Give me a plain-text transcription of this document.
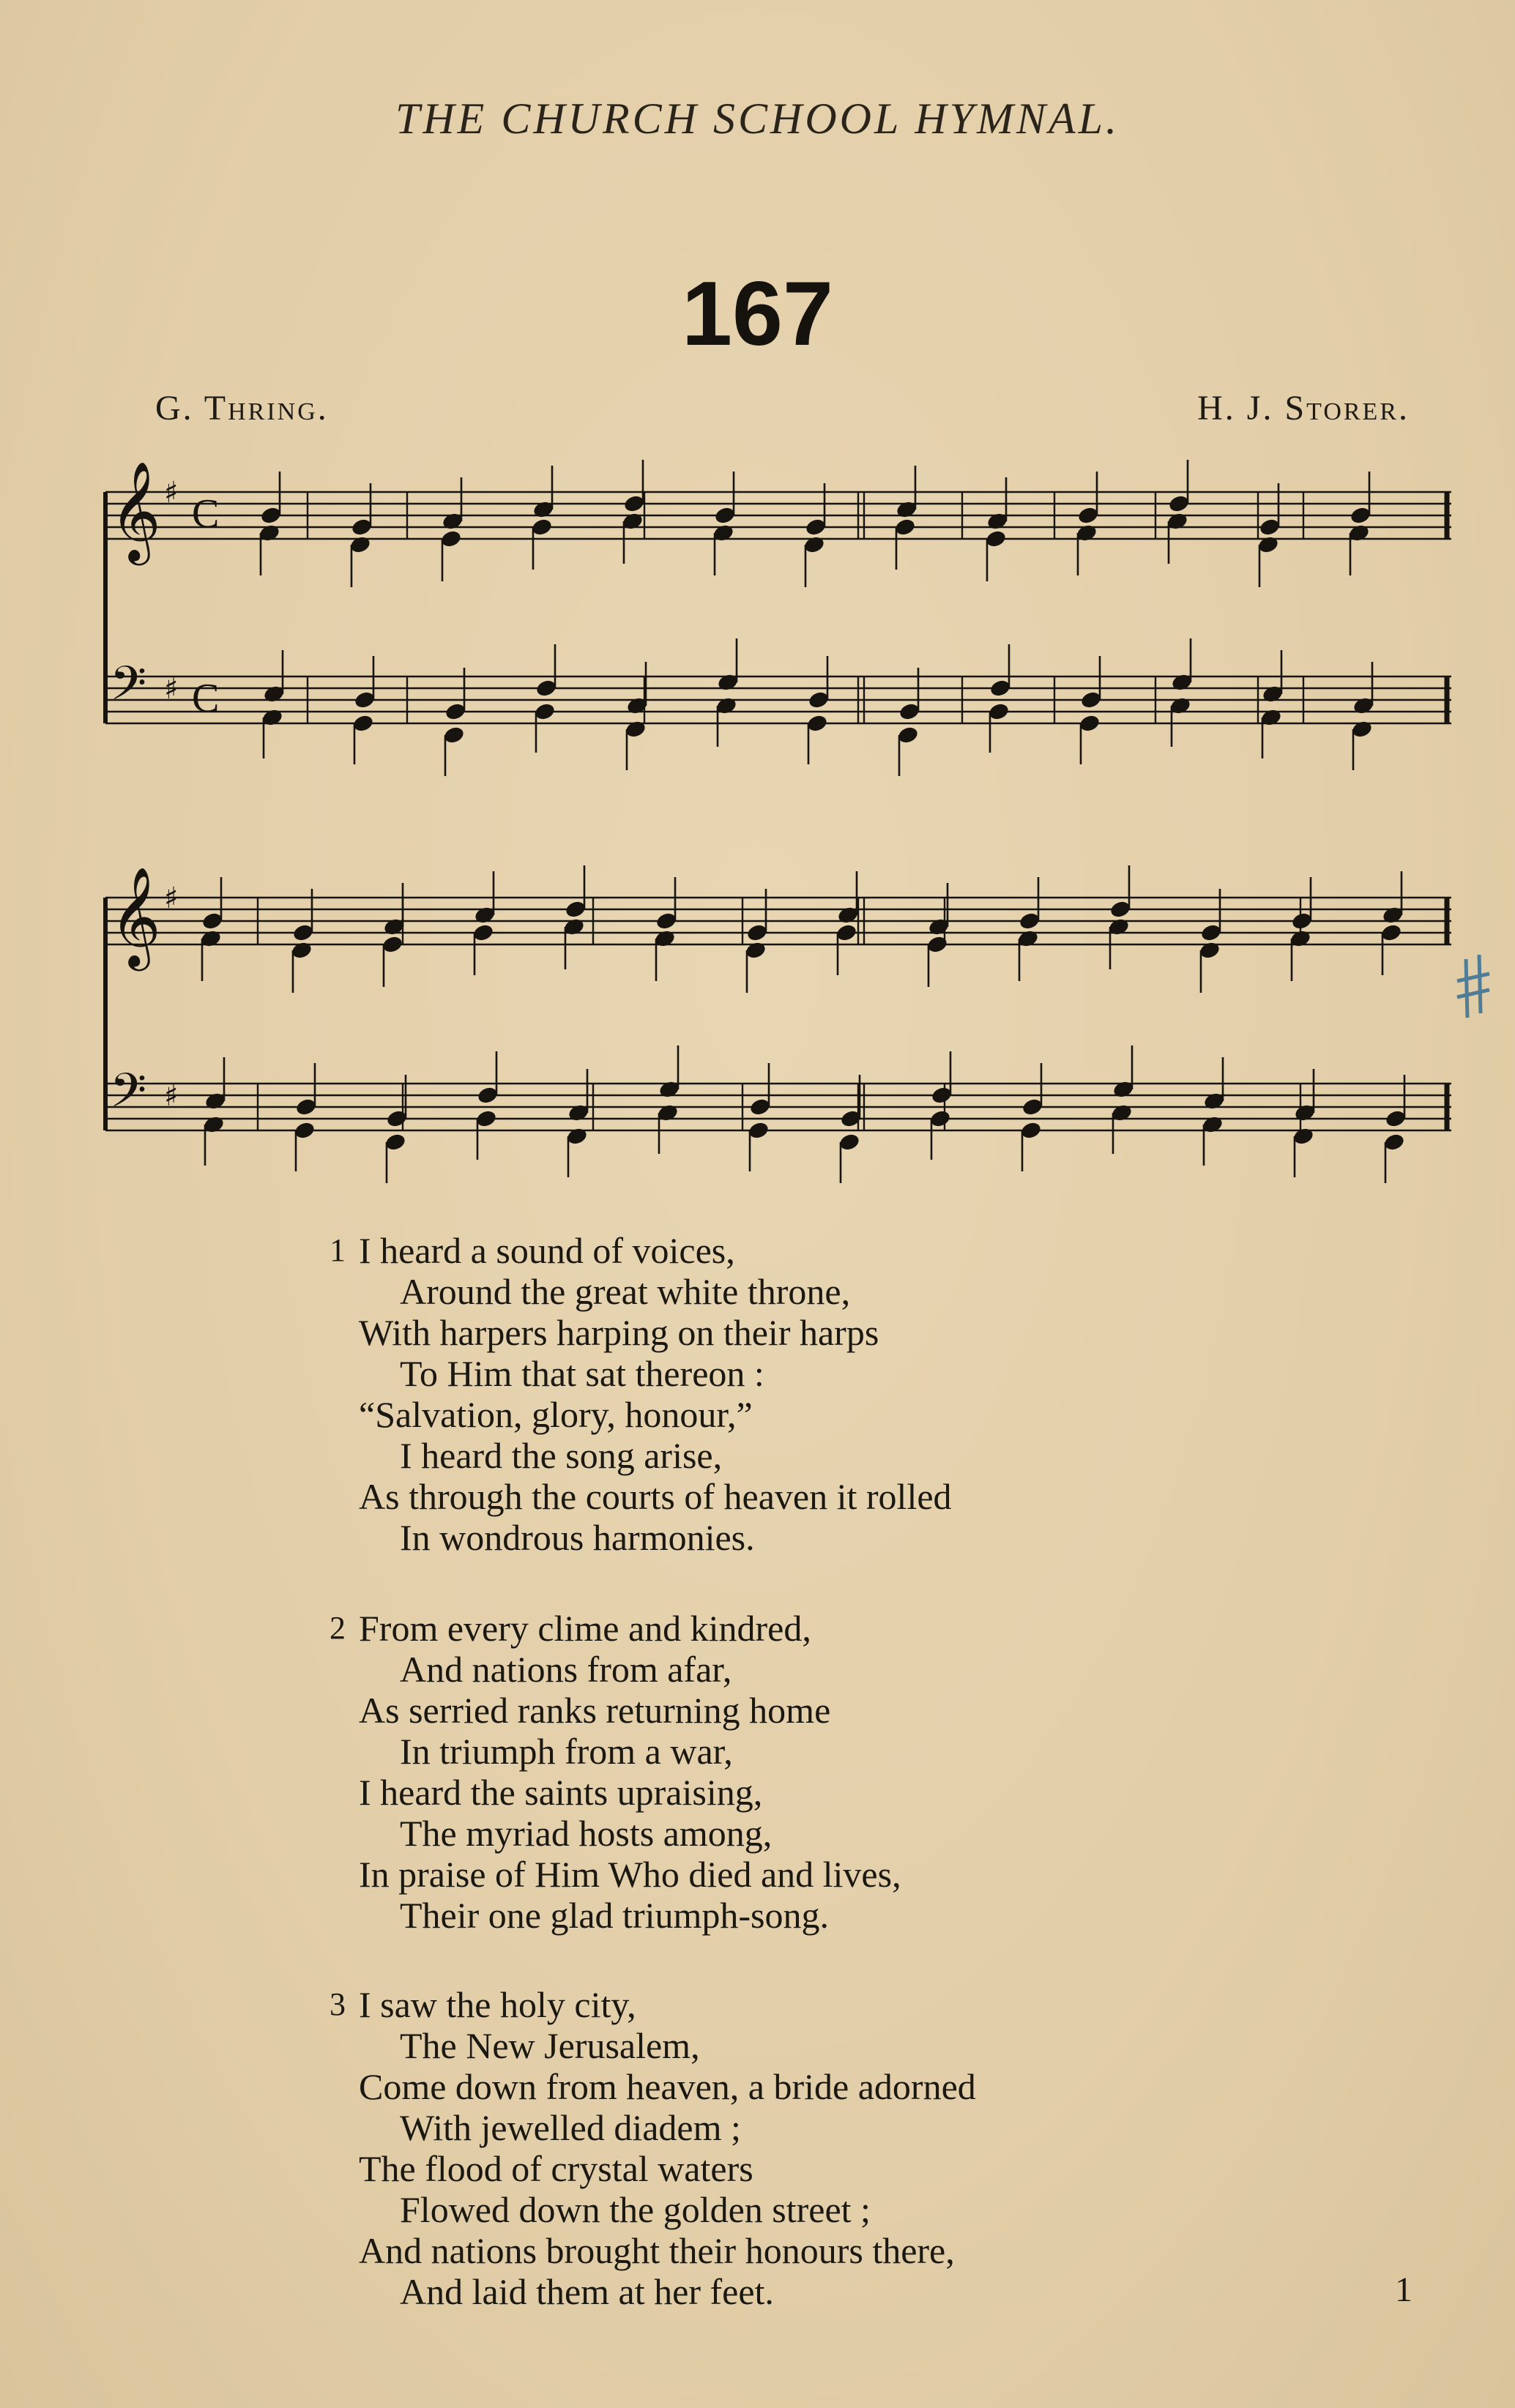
THE CHURCH SCHOOL HYMNAL.
167
G. Thring.	H. J. Storer.
𝄞 ♯ C
𝄢 ♯ C
𝄞 ♯
𝄢 ♯
1 I heard a sound of voices,
Around the great white throne,
With harpers harping on their harps
To Him that sat thereon :
“Salvation, glory, honour,”
I heard the song arise,
As through the courts of heaven it rolled
In wondrous harmonies.
2 From every clime and kindred,
And nations from afar,
As serried ranks returning home
In triumph from a war,
I heard the saints upraising,
The myriad hosts among,
In praise of Him Who died and lives,
Their one glad triumph-song.
3 I saw the holy city,
The New Jerusalem,
Come down from heaven, a bride adorned
With jewelled diadem ;
The flood of crystal waters
Flowed down the golden street ;
And nations brought their honours there,
And laid them at her feet.	1
